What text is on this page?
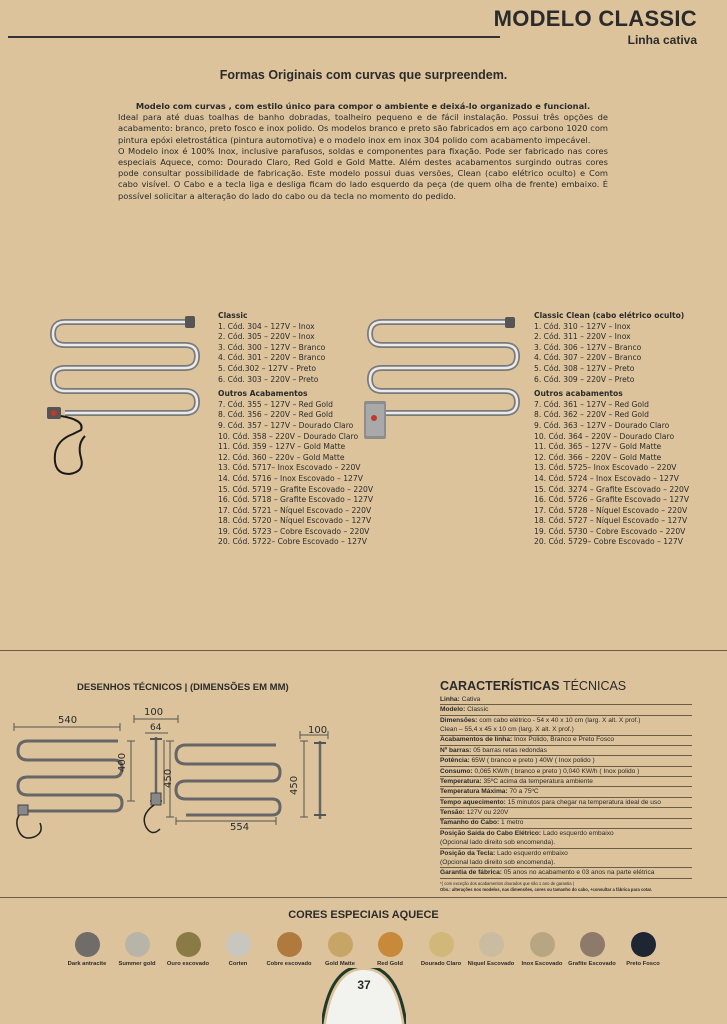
MODELO CLASSIC
Linha cativa
Formas Originais com curvas que surpreendem.
Modelo com curvas , com estilo único para compor o ambiente e deixá-lo organizado e funcional.

Ideal para até duas toalhas de banho dobradas, toalheiro pequeno e de fácil instalação. Possui três opções de acabamento: branco, preto fosco e inox polido. Os modelos branco e preto são fabricados em aço carbono 1020 com pintura epóxi eletrostática (pintura automotiva) e o modelo inox em inox 304 polido com acabamento impecável.

O Modelo inox é 100% Inox, inclusive parafusos, soldas e componentes para fixação. Pode ser fabricado nas cores especiais Aquece, como: Dourado Claro, Red Gold e Gold Matte. Além destes acabamentos surgindo outras cores pode consultar possibilidade de fabricação. Este modelo possui duas versões, Clean (cabo elétrico oculto) e Com cabo visível. O Cabo e a tecla liga e desliga ficam do lado esquerdo da peça (de quem olha de frente) embaixo. É possível solicitar a alteração do lado do cabo ou da tecla no momento do pedido.

Classic
1. Cód. 304 – 127V – Inox
2. Cód. 305 – 220V – Inox
3. Cód. 300 – 127V – Branco
4. Cód. 301 – 220V – Branco
5. Cód.302 – 127V – Preto
6. Cód. 303 – 220V – Preto
Outros Acabamentos
7. Cód. 355 – 127V – Red Gold
8. Cód. 356 – 220V – Red Gold
9. Cód. 357 – 127V – Dourado Claro
10. Cód. 358 – 220V – Dourado Claro
11. Cód. 359 – 127V – Gold Matte
12. Cód. 360 – 220v – Gold Matte
13. Cód. 5717– Inox Escovado – 220V
14. Cód. 5716 – Inox Escovado – 127V
15. Cód. 5719 – Grafite Escovado – 220V
16. Cód. 5718 – Grafite Escovado – 127V
17. Cód. 5721 – Níquel Escovado – 220V
18. Cód. 5720 – Níquel Escovado – 127V
19. Cód. 5723 – Cobre Escovado – 220V
20. Cód. 5722– Cobre Escovado – 127V
Classic Clean (cabo elétrico oculto)
1. Cód. 310 – 127V – Inox
2. Cód. 311 – 220V – Inox
3. Cód. 306 – 127V – Branco
4. Cód. 307 – 220V – Branco
5. Cód. 308 – 127V – Preto
6. Cód. 309 – 220V – Preto
Outros acabamentos
7. Cód. 361 – 127V – Red Gold
8. Cód. 362 – 220V – Red Gold
9. Cód. 363 – 127V – Dourado Claro
10. Cód. 364 – 220V – Dourado Claro
11. Cód. 365 – 127V – Gold Matte
12. Cód. 366 – 220V – Gold Matte
13. Cód. 5725– Inox Escovado – 220V
14. Cód. 5724 – Inox Escovado – 127V
15. Cód. 3274 – Grafite Escovado – 220V
16. Cód. 5726 – Grafite Escovado – 127V
17. Cód. 5728 – Níquel Escovado – 220V
18. Cód. 5727 – Níquel Escovado – 127V
19. Cód. 5730 – Cobre Escovado – 220V
20. Cód. 5729– Cobre Escovado – 127V
DESENHOS TÉCNICOS | (DIMENSÕES EM MM)
540
100
64
400
450
100
450
554
CARACTERÍSTICAS TÉCNICAS
Linha: Cativa
Modelo: Classic
Dimensões: com cabo elétrico - 54 x 40 x 10 cm (larg. X alt. X prof.)
Clean – 55,4 x 45 x 10 cm (larg. X alt. X prof.)
Acabamentos de linha: Inox Polido, Branco e Preto Fosco
Nº barras: 05 barras retas redondas
Potência: 65W ( branco e preto ) 40W ( Inox polido )
Consumo: 0,065 KW/h ( branco e preto ) 0,040 KW/h ( Inox polido )
Temperatura: 35ºC acima da temperatura ambiente
Temperatura Máxima: 70 a 75ºC
Tempo aquecimento: 15 minutos para chegar na temperatura ideal de uso
Tensão: 127V ou 220V
Tamanho do Cabo: 1 metro
Posição Saída do Cabo Elétrico: Lado esquerdo embaixo
(Opcional lado direito sob encomenda).
Posição da Tecla: Lado esquerdo embaixo
(Opcional lado direito sob encomenda).
Garantia de fábrica: 05 anos no acabamento e 03 anos na parte elétrica
*( com exceção dos acabamentos dourados que são 1 ano de garantia )
Obs.: alterações nos modelos, nas dimensões, cores ou tamanho do cabo, +consultar a fábrica para cotar.
CORES ESPECIAIS AQUECE
Dark antracite	Summer gold	Ouro escovado	Corten	Cobre escovado	Gold Matte	Red Gold	Dourado Claro	Niquel Escovado	Inox Escovado Grafite Escovado	Preto Fosco
37
